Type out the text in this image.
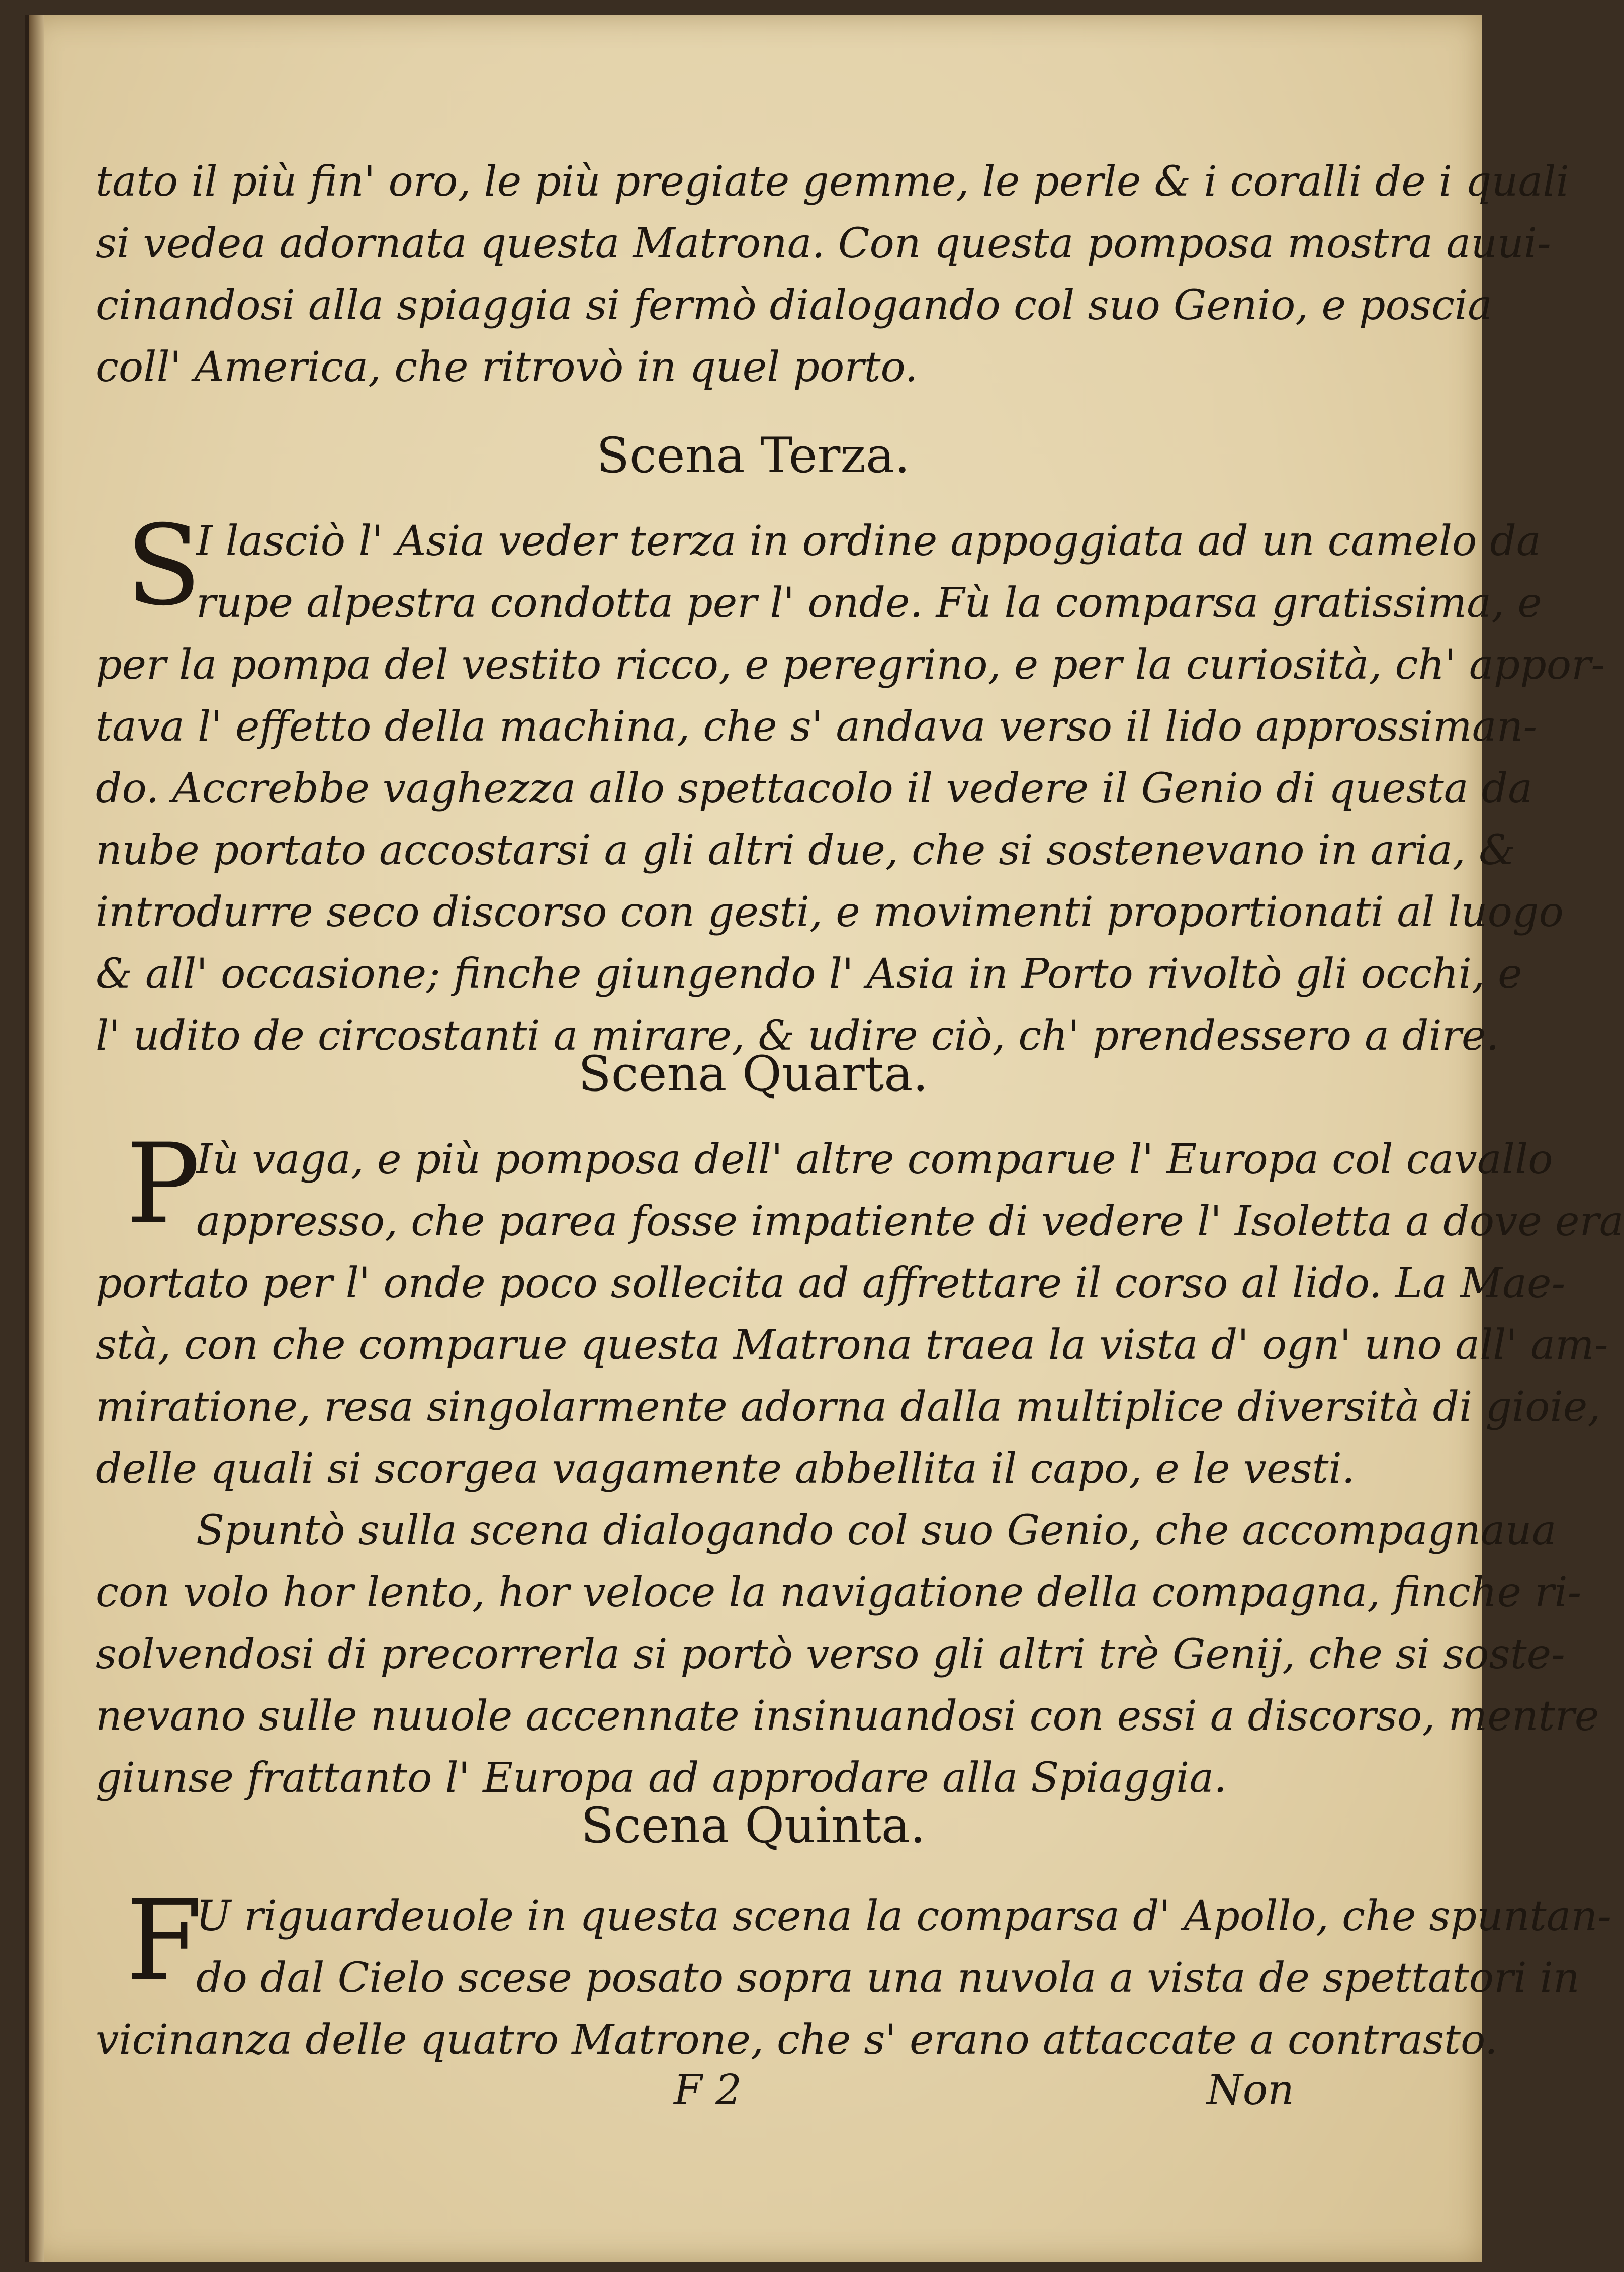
tato il più fin' oro, le più pregiate gemme, le perle & i coralli de i quali
si vedea adornata questa Matrona. Con questa pomposa mostra auui-
cinandosi alla spiaggia si fermò dialogando col suo Genio, e poscia
coll' America, che ritrovò in quel porto.
Scena Terza.
S
I lasciò l' Asia veder terza in ordine appoggiata ad un camelo da
rupe alpestra condotta per l' onde. Fù la comparsa gratissima, e
per la pompa del vestito ricco, e peregrino, e per la curiosità, ch' appor-
tava l' effetto della machina, che s' andava verso il lido approssiman-
do. Accrebbe vaghezza allo spettacolo il vedere il Genio di questa da
nube portato accostarsi a gli altri due, che si sostenevano in aria, &
introdurre seco discorso con gesti, e movimenti proportionati al luogo
& all' occasione; finche giungendo l' Asia in Porto rivoltò gli occhi, e
l' udito de circostanti a mirare, & udire ciò, ch' prendessero a dire.
Scena Quarta.
P
Iù vaga, e più pomposa dell' altre comparue l' Europa col cavallo
appresso, che parea fosse impatiente di vedere l' Isoletta a dove era
portato per l' onde poco sollecita ad affrettare il corso al lido. La Mae-
stà, con che comparue questa Matrona traea la vista d' ogn' uno all' am-
miratione, resa singolarmente adorna dalla multiplice diversità di gioie,
delle quali si scorgea vagamente abbellita il capo, e le vesti.
Spuntò sulla scena dialogando col suo Genio, che accompagnaua
con volo hor lento, hor veloce la navigatione della compagna, finche ri-
solvendosi di precorrerla si portò verso gli altri trè Genij, che si soste-
nevano sulle nuuole accennate insinuandosi con essi a discorso, mentre
giunse frattanto l' Europa ad approdare alla Spiaggia.
Scena Quinta.
F
U riguardeuole in questa scena la comparsa d' Apollo, che spuntan-
do dal Cielo scese posato sopra una nuvola a vista de spettatori in
vicinanza delle quatro Matrone, che s' erano attaccate a contrasto.
F 2	Non
